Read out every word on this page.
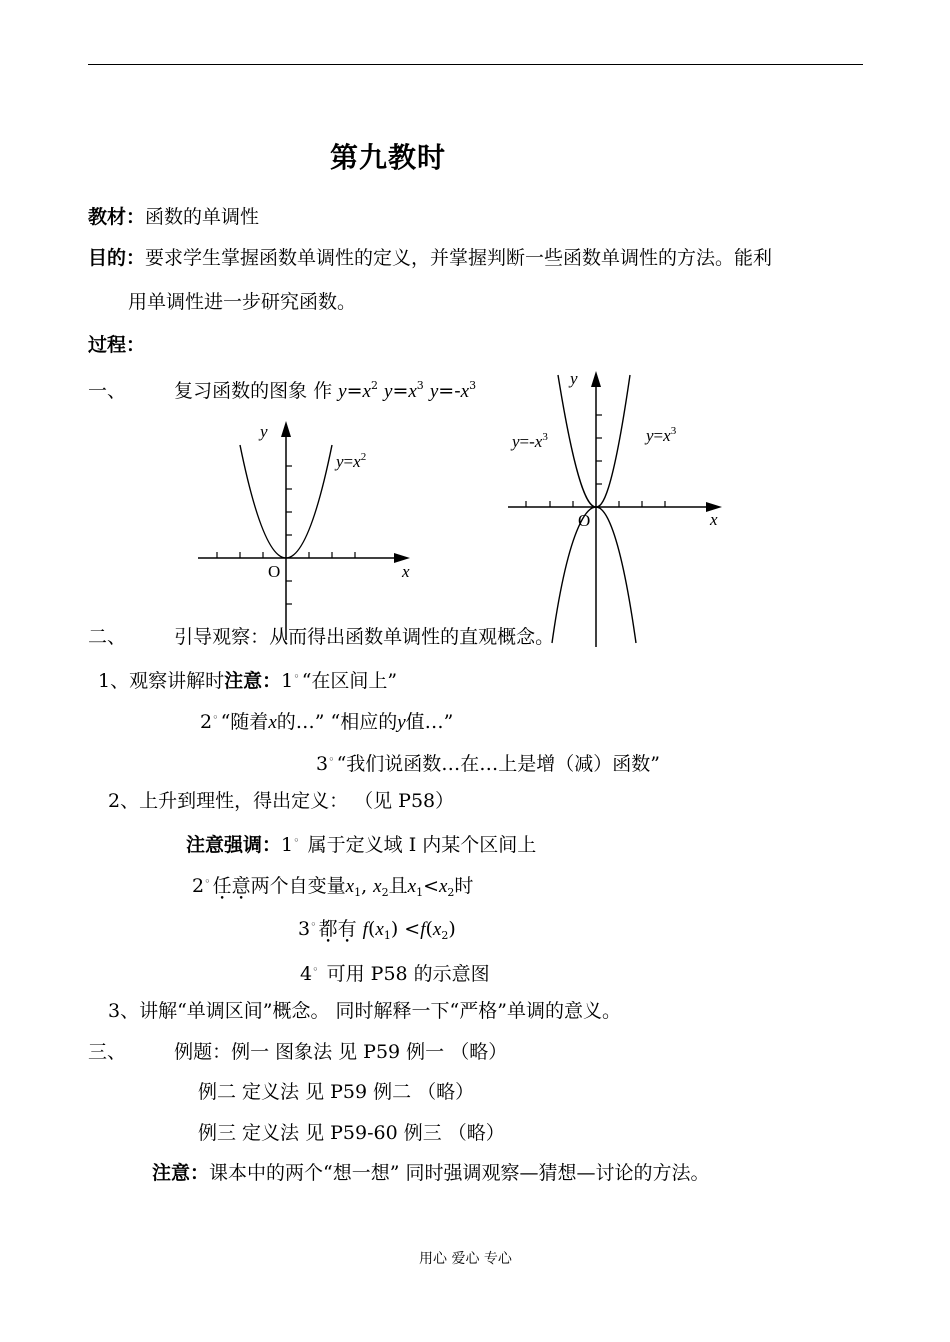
第九教时
教材：函数的单调性
目的：要求学生掌握函数单调性的定义，并掌握判断一些函数单调性的方法。能利
用单调性进一步研究函数。
过程：
一、	复习函数的图象 作 $y=x^2$ $y=x^3$ $y=-x^3$
y
x
O
$y=x^2$
y
x
O
$y=-x^3$	$y=x^3$
二、	引导观察：从而得出函数单调性的直观概念。
1、观察讲解时注意：1◦ “在区间上”
2◦ “随着x的…” “相应的y值…”
3◦ “我们说函数…在…上是增（减）函数”
2、上升到理性，得出定义： （见 P58）
注意强调：1◦ 属于定义域 I 内某个区间上
2◦ 任意两个自变量$x_1$, $x_2$且$x_1<x_2$时
3◦ 都有 $f(x_1) <f(x_2)$
4◦ 可用 P58 的示意图
3、讲解“单调区间”概念。 同时解释一下“严格”单调的意义。
三、	例题：例一 图象法 见 P59 例一 （略）
例二 定义法 见 P59 例二 （略）
例三 定义法 见 P59-60 例三 （略）
注意：课本中的两个“想一想” 同时强调观察—猜想—讨论的方法。
用心 爱心 专心
